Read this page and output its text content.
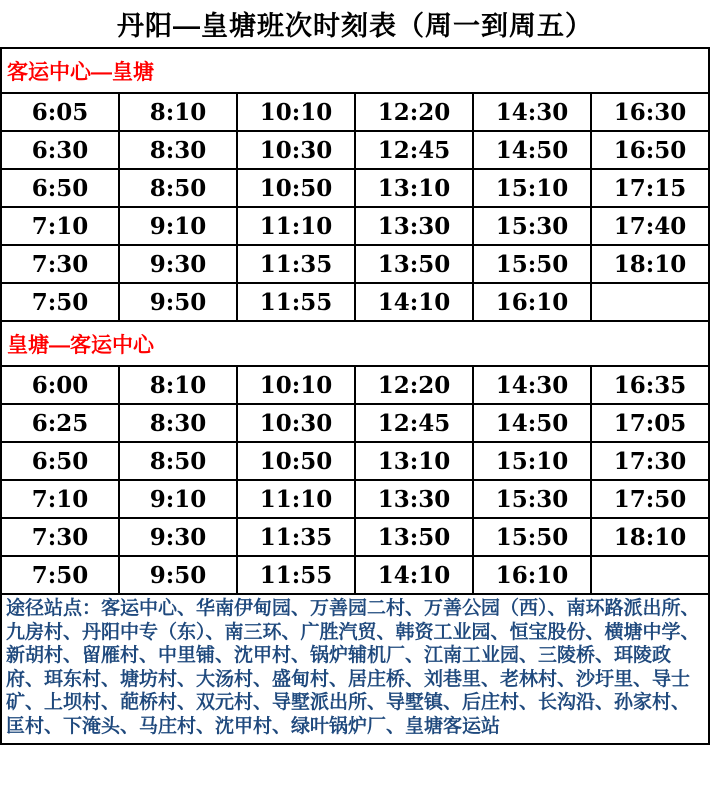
丹阳—皇塘班次时刻表（周一到周五）
客运中心—皇塘					
6:05	8:10	10:10	12:20	14:30	16:30
6:30	8:30	10:30	12:45	14:50	16:50
6:50	8:50	10:50	13:10	15:10	17:15
7:10	9:10	11:10	13:30	15:30	17:40
7:30	9:30	11:35	13:50	15:50	18:10
7:50	9:50	11:55	14:10	16:10	
皇塘—客运中心					
6:00	8:10	10:10	12:20	14:30	16:35
6:25	8:30	10:30	12:45	14:50	17:05
6:50	8:50	10:50	13:10	15:10	17:30
7:10	9:10	11:10	13:30	15:30	17:50
7:30	9:30	11:35	13:50	15:50	18:10
7:50	9:50	11:55	14:10	16:10	
途径站点：客运中心、华南伊甸园、万善园二村、万善公园（西）、南环路派出所、九房村、丹阳中专（东）、南三环、广胜汽贸、韩资工业园、恒宝股份、横塘中学、新胡村、留雁村、中里铺、沈甲村、锅炉辅机厂、江南工业园、三陵桥、珥陵政府、珥东村、塘坊村、大汤村、盛甸村、居庄桥、刘巷里、老林村、沙圩里、导士矿、上坝村、葩桥村、双元村、导墅派出所、导墅镇、后庄村、长沟沿、孙家村、匡村、下淹头、马庄村、沈甲村、绿叶锅炉厂、皇塘客运站					
